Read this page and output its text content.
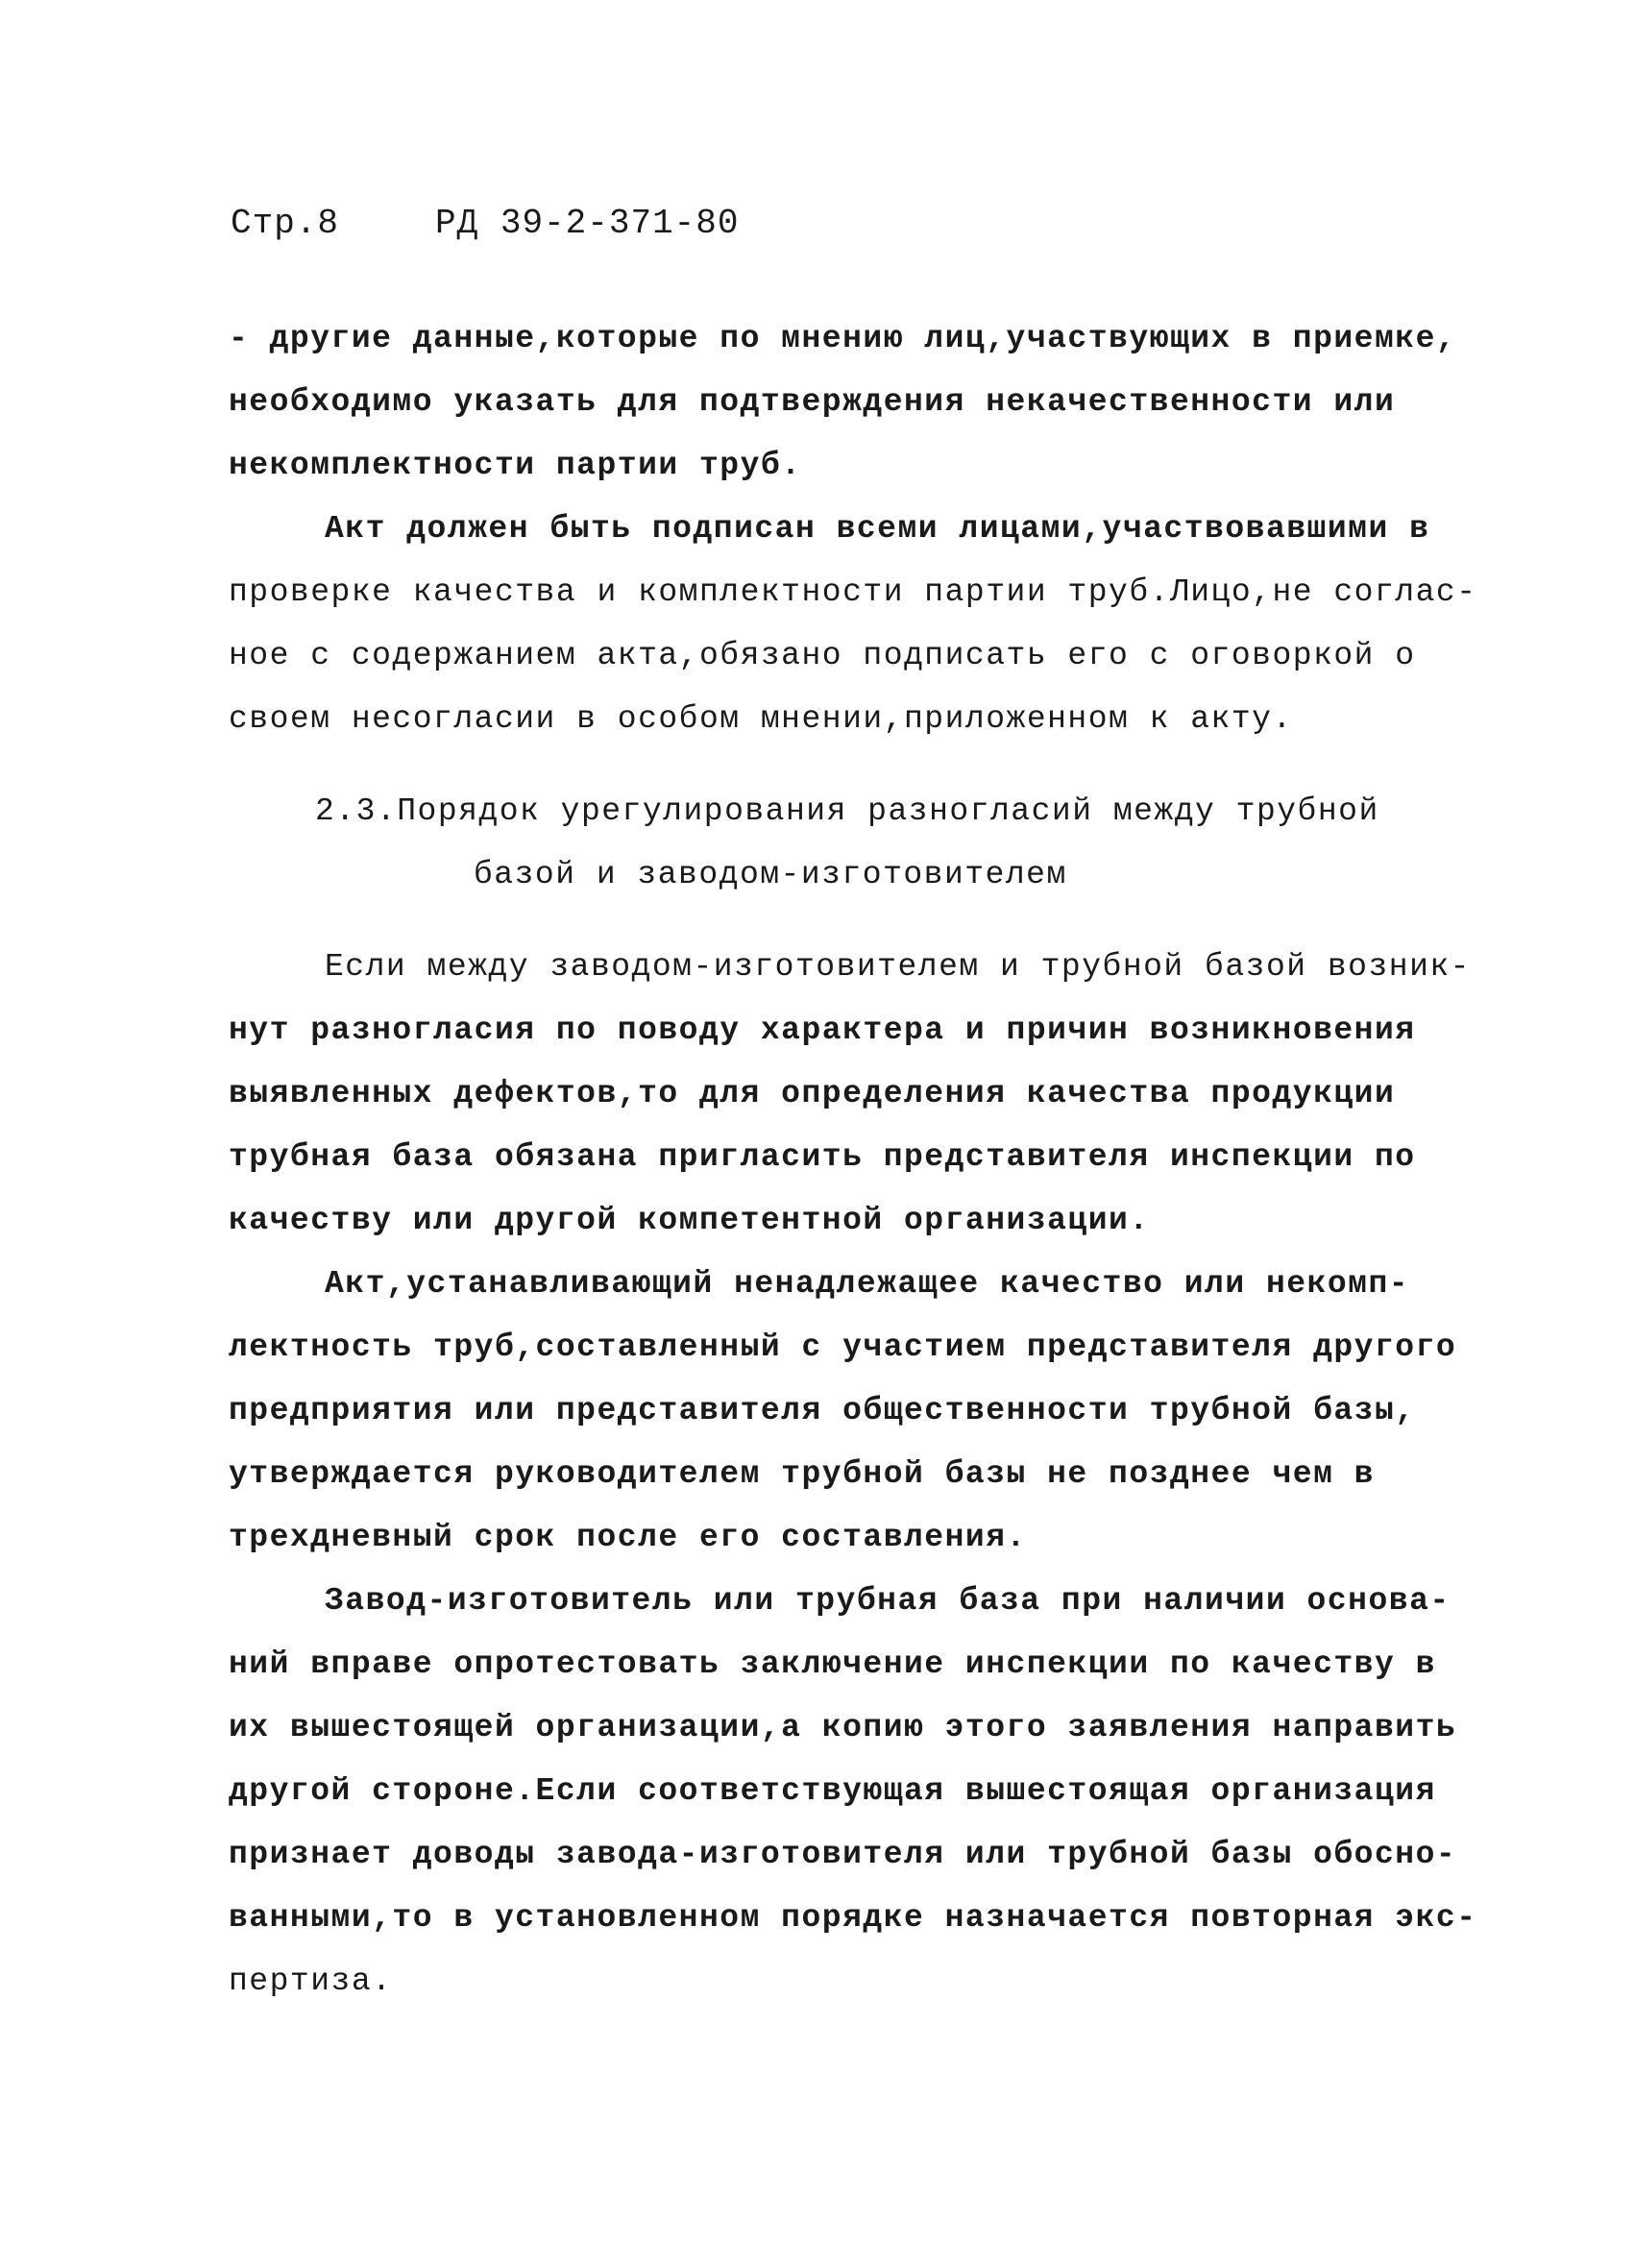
Стр.8	РД 39-2-371-80
- другие данные,которые по мнению лиц,участвующих в приемке,
необходимо указать для подтверждения некачественности или
некомплектности партии труб.
Акт должен быть подписан всеми лицами,участвовавшими в
проверке качества и комплектности партии труб.Лицо,не соглас-
ное с содержанием акта,обязано подписать его с оговоркой о
своем несогласии в особом мнении,приложенном к акту.
2.3.Порядок урегулирования разногласий между трубной
базой и заводом-изготовителем
Если между заводом-изготовителем и трубной базой возник-
нут разногласия по поводу характера и причин возникновения
выявленных дефектов,то для определения качества продукции
трубная база обязана пригласить представителя инспекции по
качеству или другой компетентной организации.
Акт,устанавливающий ненадлежащее качество или некомп-
лектность труб,составленный с участием представителя другого
предприятия или представителя общественности трубной базы,
утверждается руководителем трубной базы не позднее чем в
трехдневный срок после его составления.
Завод-изготовитель или трубная база при наличии основа-
ний вправе опротестовать заключение инспекции по качеству в
их вышестоящей организации,а копию этого заявления направить
другой стороне.Если соответствующая вышестоящая организация
признает доводы завода-изготовителя или трубной базы обосно-
ванными,то в установленном порядке назначается повторная экс-
пертиза.
